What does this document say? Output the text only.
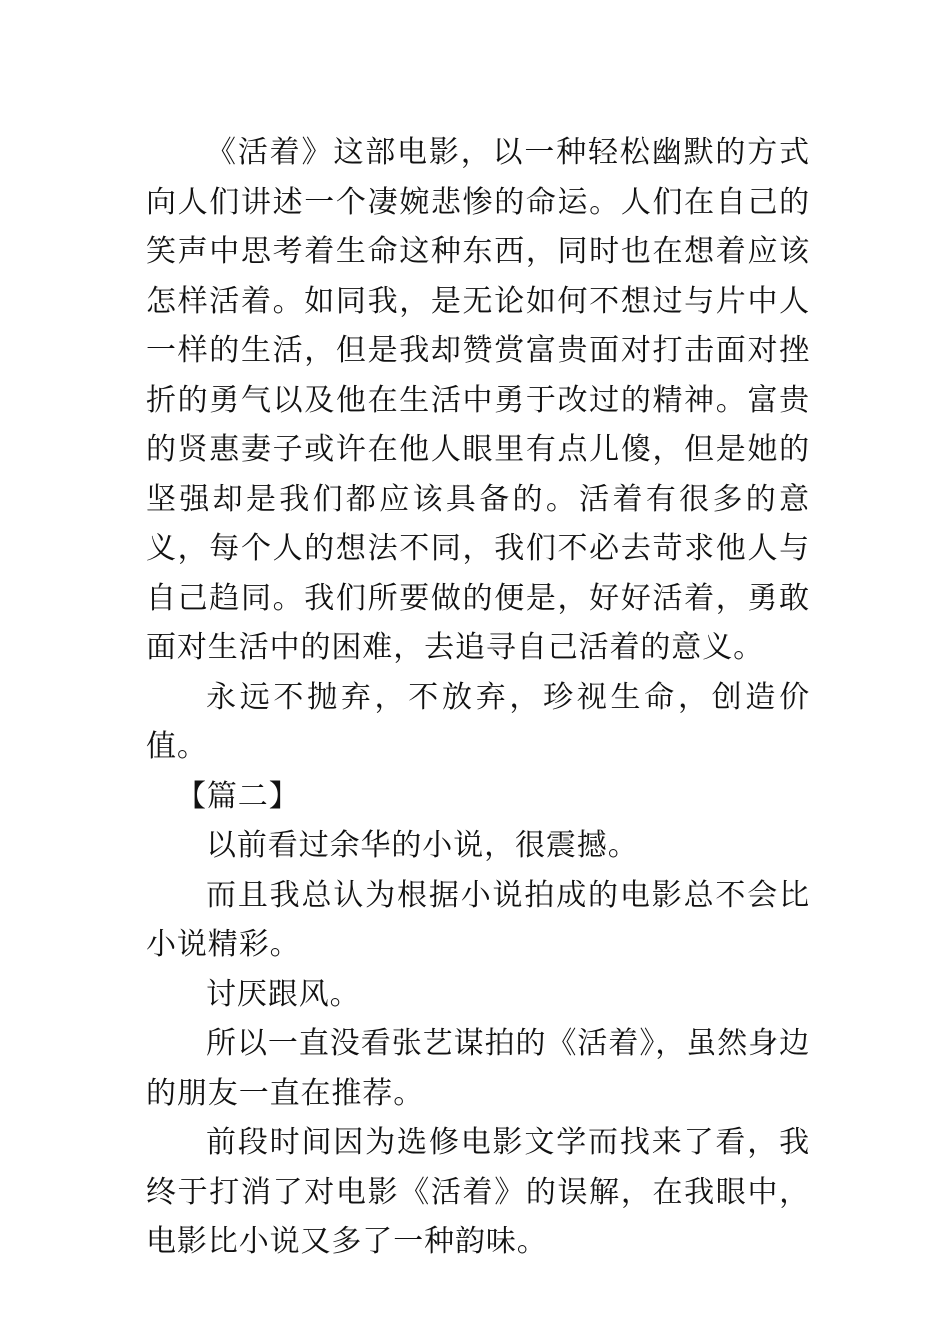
《活着》这部电影，以一种轻松幽默的方式向人们讲述一个凄婉悲惨的命运。人们在自己的笑声中思考着生命这种东西，同时也在想着应该怎样活着。如同我，是无论如何不想过与片中人一样的生活，但是我却赞赏富贵面对打击面对挫折的勇气以及他在生活中勇于改过的精神。富贵的贤惠妻子或许在他人眼里有点儿傻，但是她的坚强却是我们都应该具备的。活着有很多的意义，每个人的想法不同，我们不必去苛求他人与自己趋同。我们所要做的便是，好好活着，勇敢面对生活中的困难，去追寻自己活着的意义。

永远不抛弃，不放弃，珍视生命，创造价值。

【篇二】

以前看过余华的小说，很震撼。

而且我总认为根据小说拍成的电影总不会比小说精彩。

讨厌跟风。

所以一直没看张艺谋拍的《活着》，虽然身边的朋友一直在推荐。

前段时间因为选修电影文学而找来了看，我终于打消了对电影《活着》的误解，在我眼中，电影比小说又多了一种韵味。
